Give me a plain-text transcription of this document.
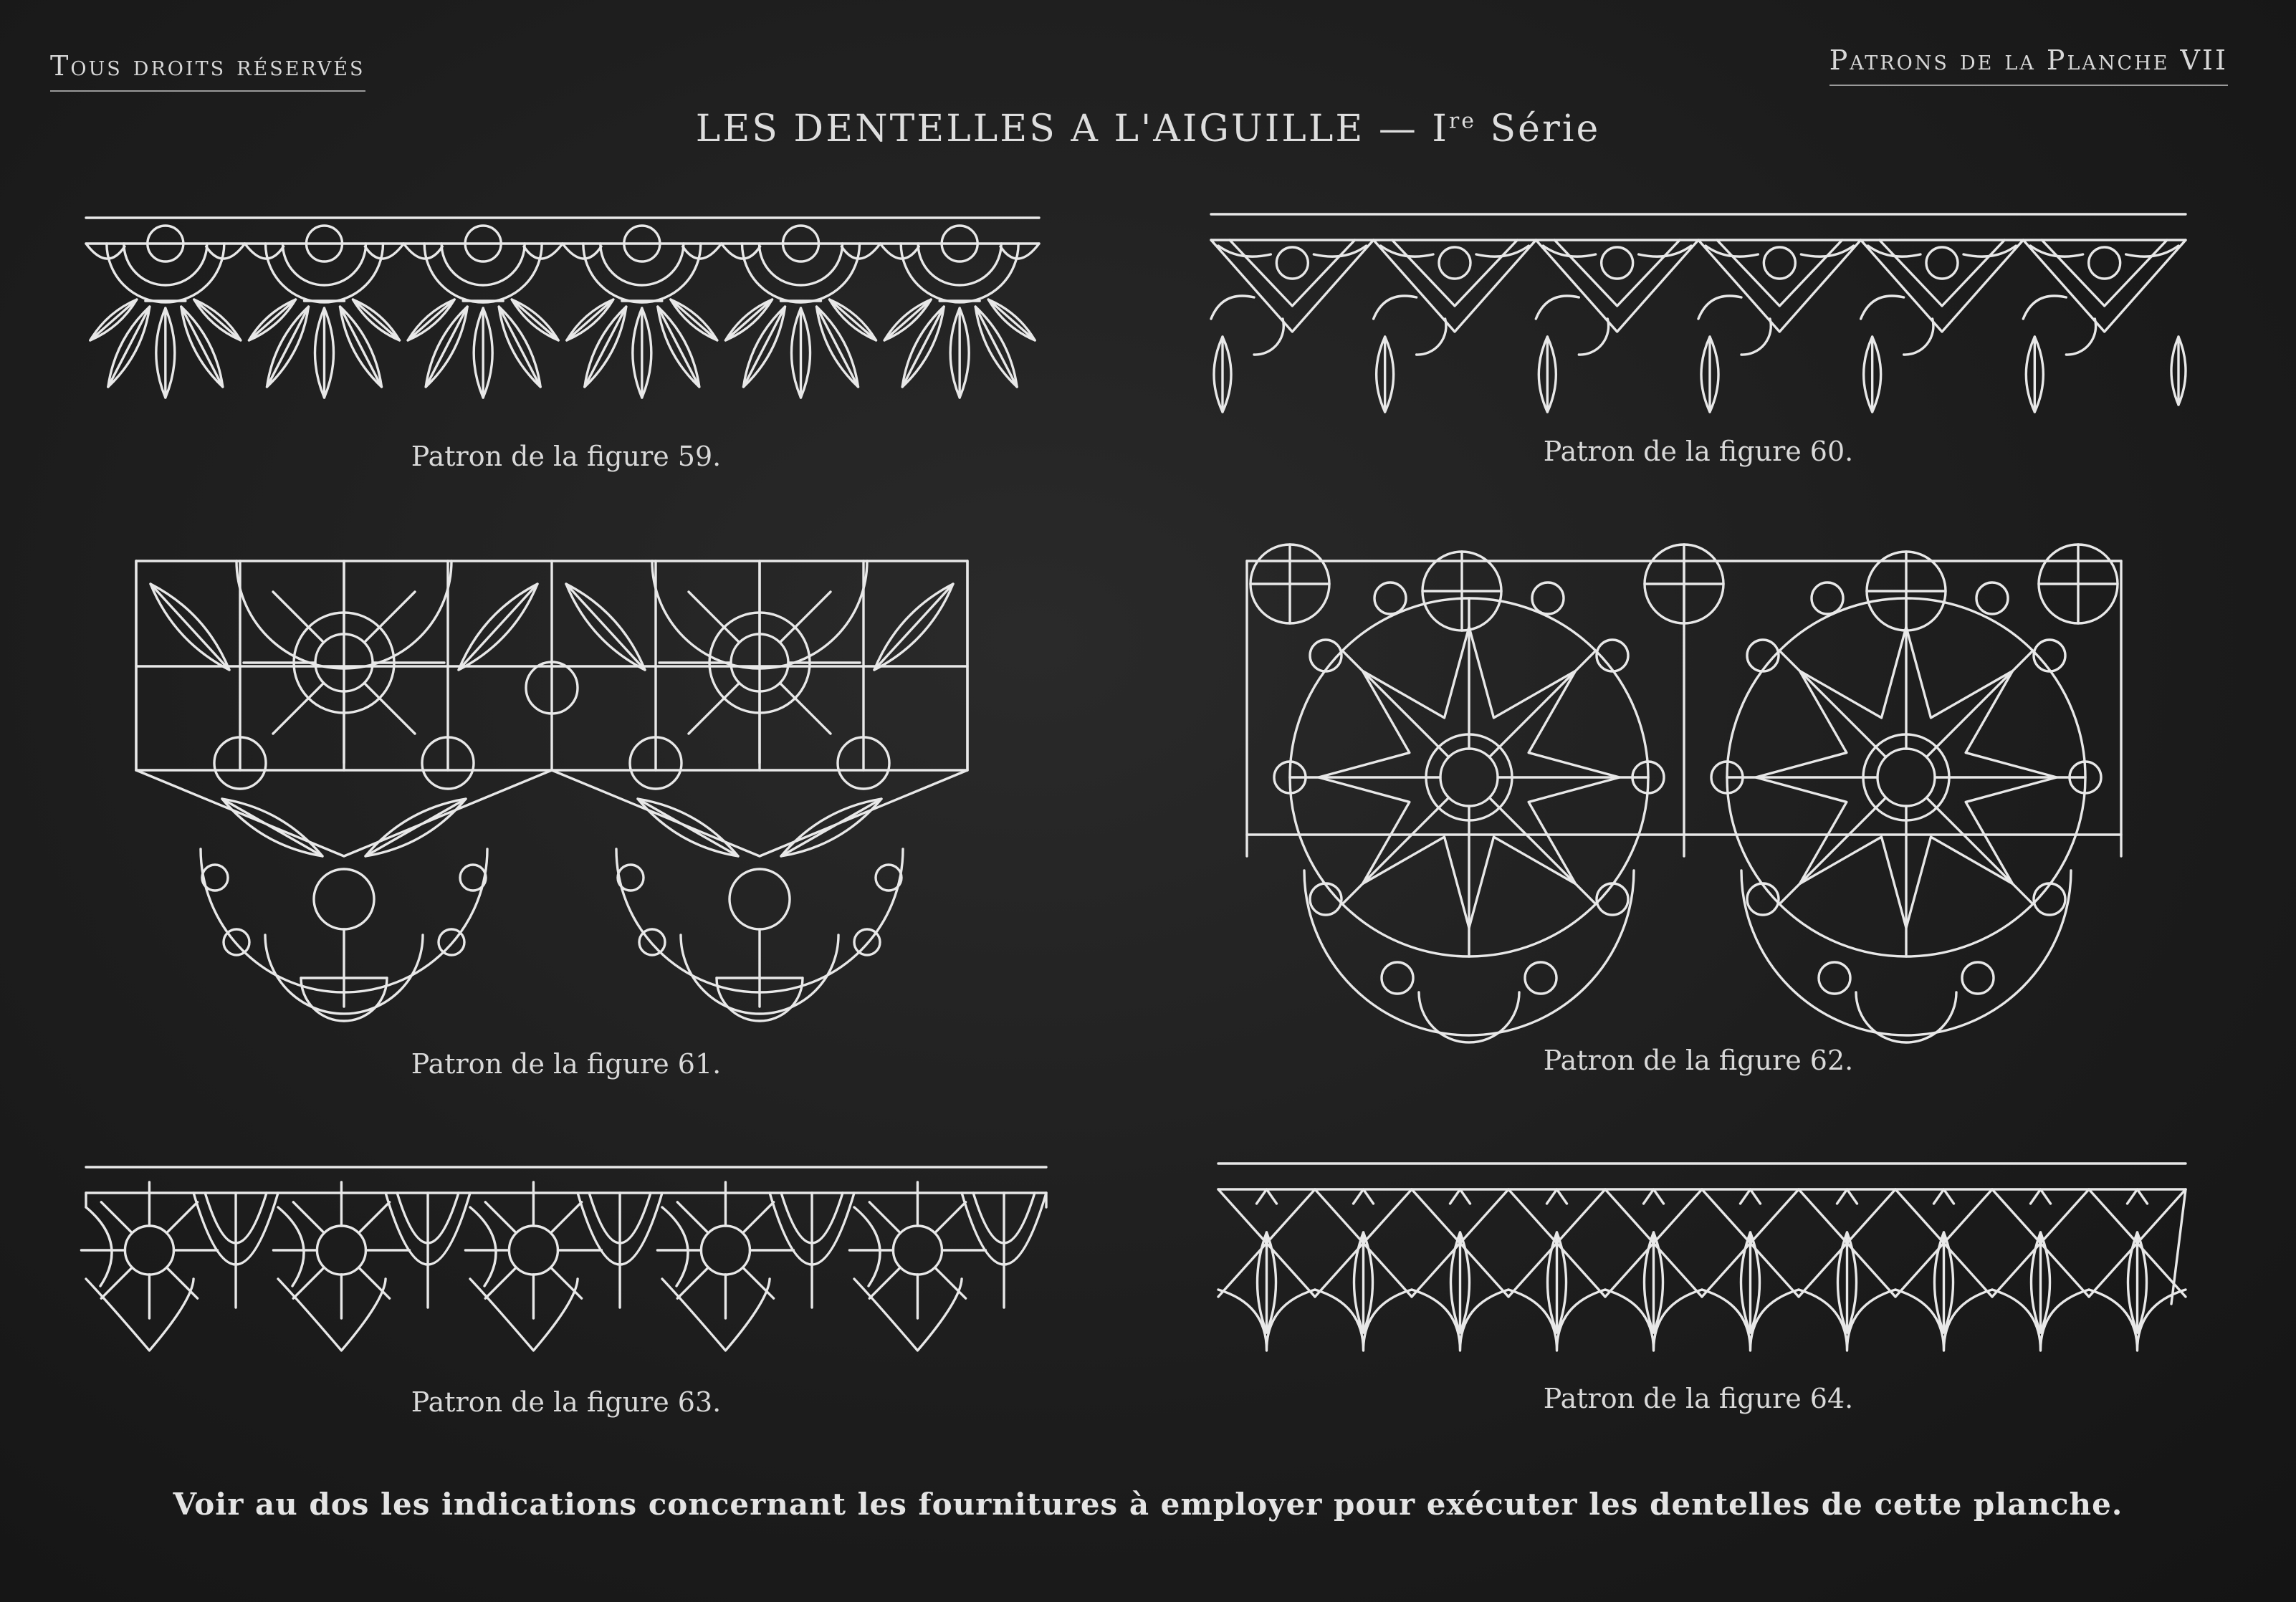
Tous droits réservés	Patrons de la Planche VII
LES DENTELLES A L'AIGUILLE — Ire Série
Patron de la figure 59.	Patron de la figure 60.
Patron de la figure 61.	Patron de la figure 62.
Patron de la figure 63.	Patron de la figure 64.
Voir au dos les indications concernant les fournitures à employer pour exécuter les dentelles de cette planche.
